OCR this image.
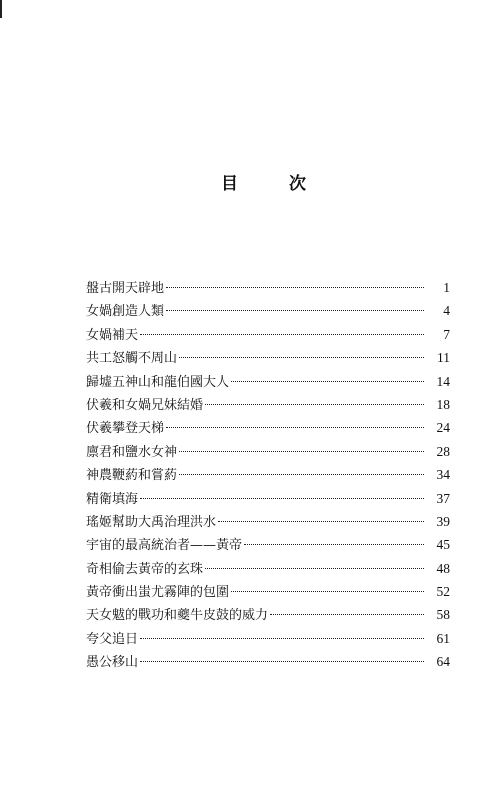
目	次
盤古開天辟地	1
女媧創造人類	4
女媧補天	7
共工怒觸不周山	11
歸墟五神山和龍伯國大人	14
伏羲和女媧兄妹結婚	18
伏羲攀登天梯	24
廪君和鹽水女神	28
神農鞭葯和嘗葯	34
精衛填海	37
瑤姬幫助大禹治理洪水	39
宇宙的最高統治者——黃帝	45
奇相偷去黃帝的玄珠	48
黃帝衝出蚩尤霧陣的包圍	52
天女魃的戰功和夔牛皮鼓的威力	58
夸父追日	61
愚公移山	64
